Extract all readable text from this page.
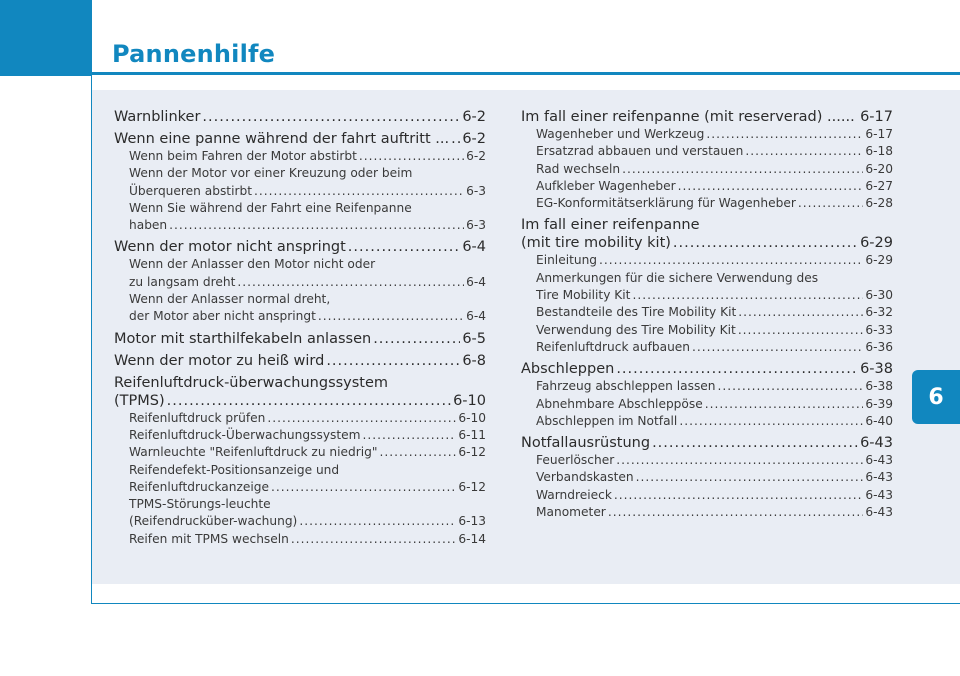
Pannenhilfe
6
Warnblinker .....	6-2
Wenn eine panne während der fahrt auftritt ... ..... 6-2
Wenn beim Fahren der Motor abstirbt .....	6-2
Wenn der Motor vor einer Kreuzung oder beim
Überqueren abstirbt .....	6-3
Wenn Sie während der Fahrt eine Reifenpanne
haben .....	6-3
Wenn der motor nicht anspringt .....	6-4
Wenn der Anlasser den Motor nicht oder
zu langsam dreht .....	6-4
Wenn der Anlasser normal dreht,
der Motor aber nicht anspringt .....	6-4
Motor mit starthilfekabeln anlassen .....	6-5
Wenn der motor zu heiß wird .....	6-8
Reifenluftdruck-überwachungssystem
(TPMS) .....	6-10
Reifenluftdruck prüfen .....	6-10
Reifenluftdruck-Überwachungssystem .....	6-11
Warnleuchte "Reifenluftdruck zu niedrig" .....	6-12
Reifendefekt-Positionsanzeige und
Reifenluftdruckanzeige .....	6-12
TPMS-Störungs-leuchte
(Reifendrucküber-wachung) .....	6-13
Reifen mit TPMS wechseln .....	6-14
Im fall einer reifenpanne (mit reserverad) ...... ..... 6-17
Wagenheber und Werkzeug .....	6-17
Ersatzrad abbauen und verstauen .....	6-18
Rad wechseln .....	6-20
Aufkleber Wagenheber .....	6-27
EG-Konformitätserklärung für Wagenheber .....	6-28
Im fall einer reifenpanne
(mit tire mobility kit) .....	6-29
Einleitung .....	6-29
Anmerkungen für die sichere Verwendung des
Tire Mobility Kit .....	6-30
Bestandteile des Tire Mobility Kit .....	6-32
Verwendung des Tire Mobility Kit .....	6-33
Reifenluftdruck aufbauen .....	6-36
Abschleppen .....	6-38
Fahrzeug abschleppen lassen .....	6-38
Abnehmbare Abschleppöse .....	6-39
Abschleppen im Notfall .....	6-40
Notfallausrüstung .....	6-43
Feuerlöscher .....	6-43
Verbandskasten .....	6-43
Warndreieck .....	6-43
Manometer .....	6-43
